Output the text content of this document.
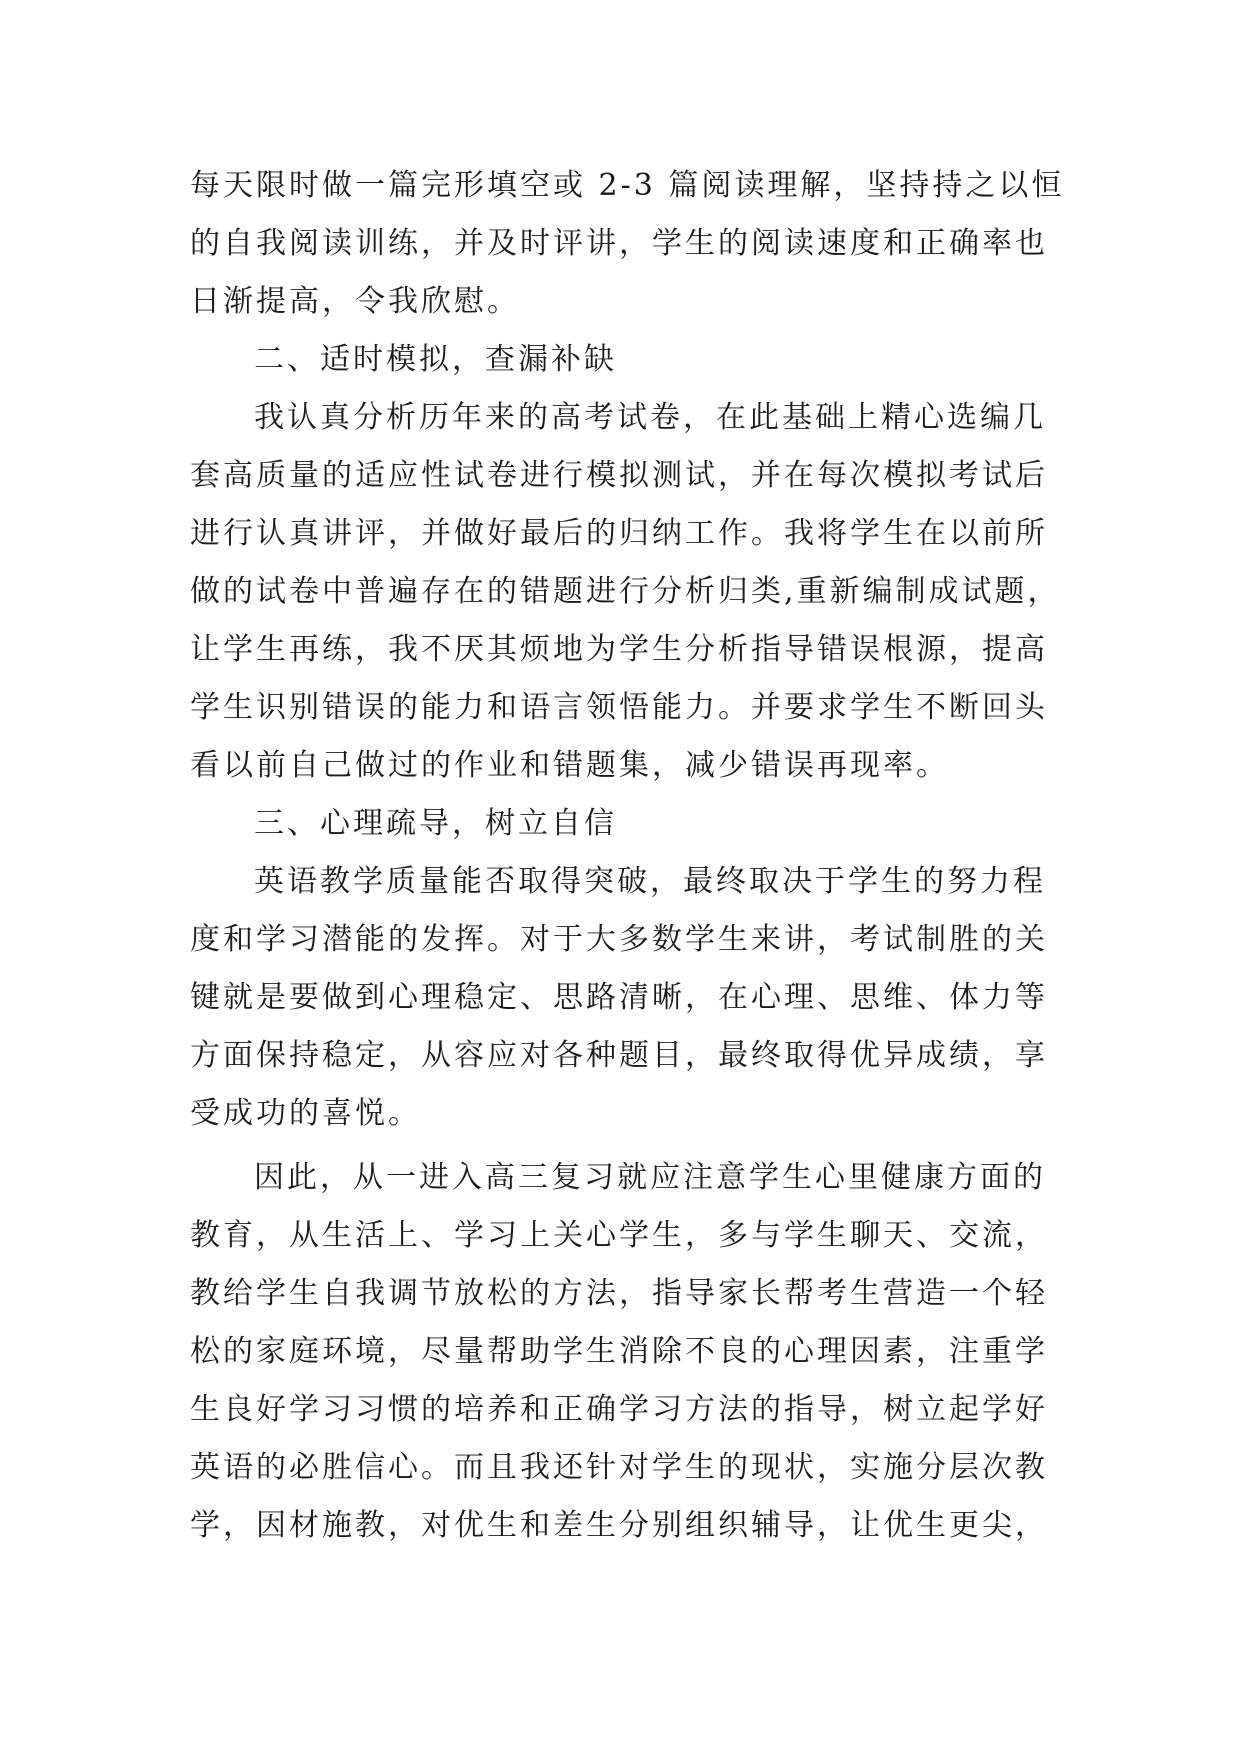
每天限时做一篇完形填空或 2-3 篇阅读理解，坚持持之以恒
的自我阅读训练，并及时评讲，学生的阅读速度和正确率也
日渐提高，令我欣慰。
二、适时模拟，查漏补缺
我认真分析历年来的高考试卷，在此基础上精心选编几
套高质量的适应性试卷进行模拟测试，并在每次模拟考试后
进行认真讲评，并做好最后的归纳工作。我将学生在以前所
做的试卷中普遍存在的错题进行分析归类,重新编制成试题，
让学生再练，我不厌其烦地为学生分析指导错误根源，提高
学生识别错误的能力和语言领悟能力。并要求学生不断回头
看以前自己做过的作业和错题集，减少错误再现率。
三、心理疏导，树立自信
英语教学质量能否取得突破，最终取决于学生的努力程
度和学习潜能的发挥。对于大多数学生来讲，考试制胜的关
键就是要做到心理稳定、思路清晰，在心理、思维、体力等
方面保持稳定，从容应对各种题目，最终取得优异成绩，享
受成功的喜悦。
因此，从一进入高三复习就应注意学生心里健康方面的
教育，从生活上、学习上关心学生，多与学生聊天、交流，
教给学生自我调节放松的方法，指导家长帮考生营造一个轻
松的家庭环境，尽量帮助学生消除不良的心理因素，注重学
生良好学习习惯的培养和正确学习方法的指导，树立起学好
英语的必胜信心。而且我还针对学生的现状，实施分层次教
学，因材施教，对优生和差生分别组织辅导，让优生更尖，
